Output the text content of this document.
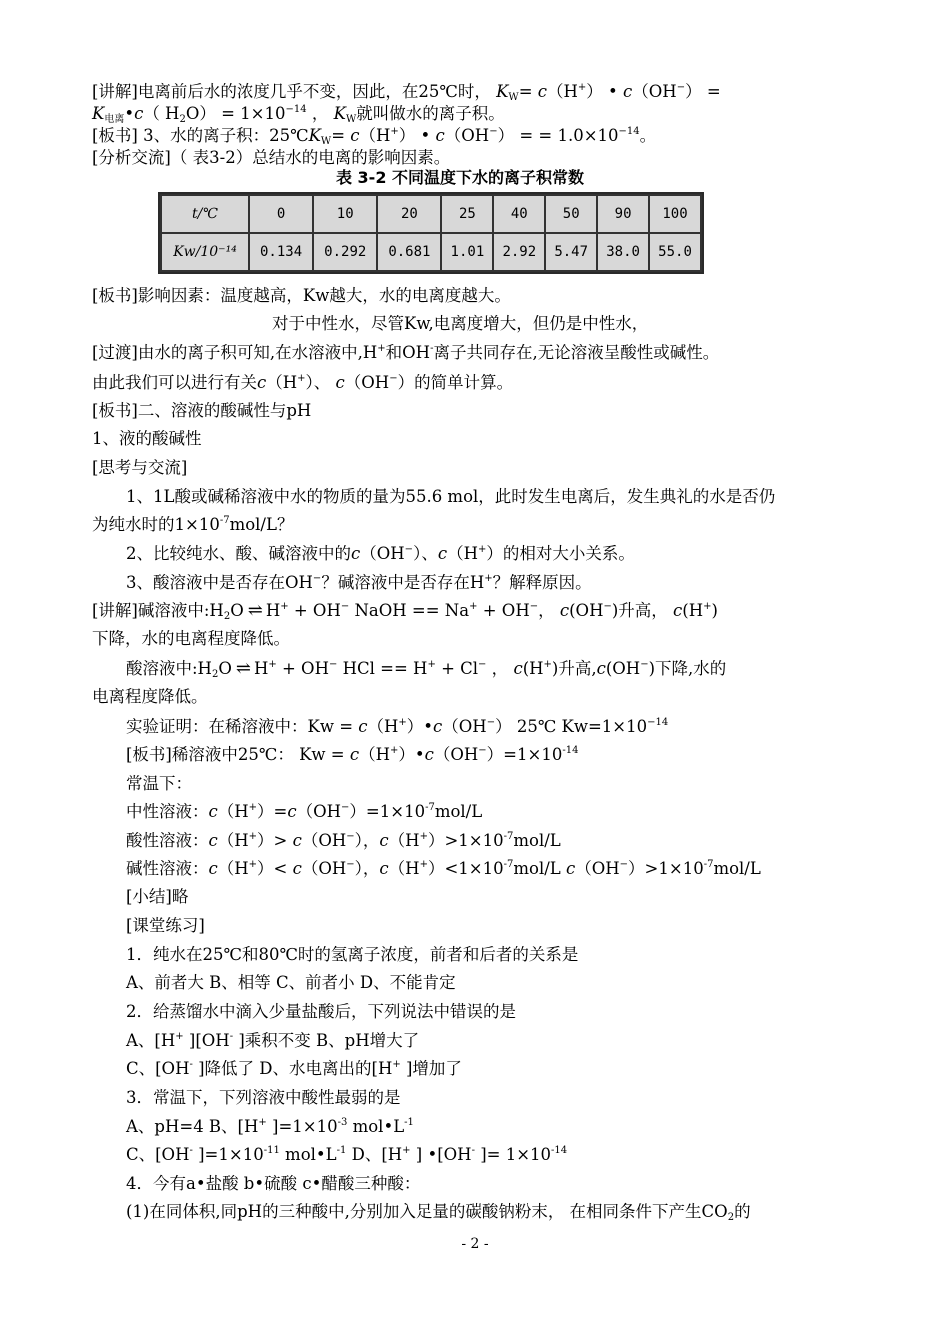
[讲解]电离前后水的浓度几乎不变，因此，在25℃时， $K_W= c(H^+)$ • c（OH−） =
$K_{电离}•c$（ $H_2O) = 1\times 10^{-14}$ ， $K_W$就叫做水的离子积。
[板书] 3、水的离子积：$25℃K_W= c(H^+)$ • c（OH−） = = $1.0\times 10^{-14}$。
[分析交流]（ 表3-2）总结水的电离的影响因素。
表 3-2 不同温度下水的离子积常数
t/℃	0	10	20	25	40	50	90	100
Kw/10⁻¹⁴	0.134	0.292	0.681	1.01	2.92	5.47	38.0	55.0
[板书]影响因素：温度越高，Kw越大，水的电离度越大。
对于中性水，尽管Kw,电离度增大，但仍是中性水，
[过渡]由水的离子积可知,在水溶液中,H+和OH-离子共同存在,无论溶液呈酸性或碱性。
由此我们可以进行有关c（H+）、 c（OH−）的简单计算。
[板书]二、溶液的酸碱性与pH
1、液的酸碱性
[思考与交流]
1、1L酸或碱稀溶液中水的物质的量为55.6 mol，此时发生电离后，发生典礼的水是否仍
为纯水时的$1\times 10^{-7}mol/L$？
2、比较纯水、酸、碱溶液中的c（OH−）、c（H+）的相对大小关系。
3、酸溶液中是否存在OH−？碱溶液中是否存在H+？解释原因。
[讲解]碱溶液中$:H_2O$ ⇌ H+ + OH− NaOH == Na+ + OH−， c(OH−)升高， c(H+)
下降，水的电离程度降低。
酸溶液中$:H_2O$ ⇌ H+ + OH− HCl == H+ + Cl− ， c(H+)升高,c(OH−)下降,水的
电离程度降低。
实验证明：在稀溶液中：Kw = c（H+）•c（OH−） 25℃ $Kw=1\times 10^{-14}$
[板书]稀溶液中25℃： $Kw = c(H^+)•c(OH^-)=1\times 10^{-14}$
常温下：
中性溶液：$c(H^+)=c(OH^-)=1\times 10^{-7}mol/L$
酸性溶液：c（H+）> c（OH−），$c(H^+)>1\times 10^{-7}mol/L$
碱性溶液：c（H+）< c（OH−），$c(H^+)<1\times 10^{-7}mol/L$ $c(OH^-)>1\times 10^{-7}mol/L$
[小结]略
[课堂练习]
1．纯水在25℃和80℃时的氢离子浓度，前者和后者的关系是
A、前者大 B、相等 C、前者小 D、不能肯定
2．给蒸馏水中滴入少量盐酸后，下列说法中错误的是
A、[H+ ][OH- ]乘积不变 B、pH增大了
C、[OH- ]降低了 D、水电离出的[H+ ]增加了
3．常温下，下列溶液中酸性最弱的是
A、pH=4 B、[H+ ]$=1\times 10^{-3}$ $mol•L^{-1}$
C、[OH- ]$=1\times 10^{-11}$ $mol•L^{-1}$ D、[H+ ] •[OH- ]= $1\times 10^{-14}$
4．今有a•盐酸 b•硫酸 c•醋酸三种酸：
(1)在同体积,同pH的三种酸中,分别加入足量的碳酸钠粉末， 在相同条件下产生$CO_2$的
- 2 -
